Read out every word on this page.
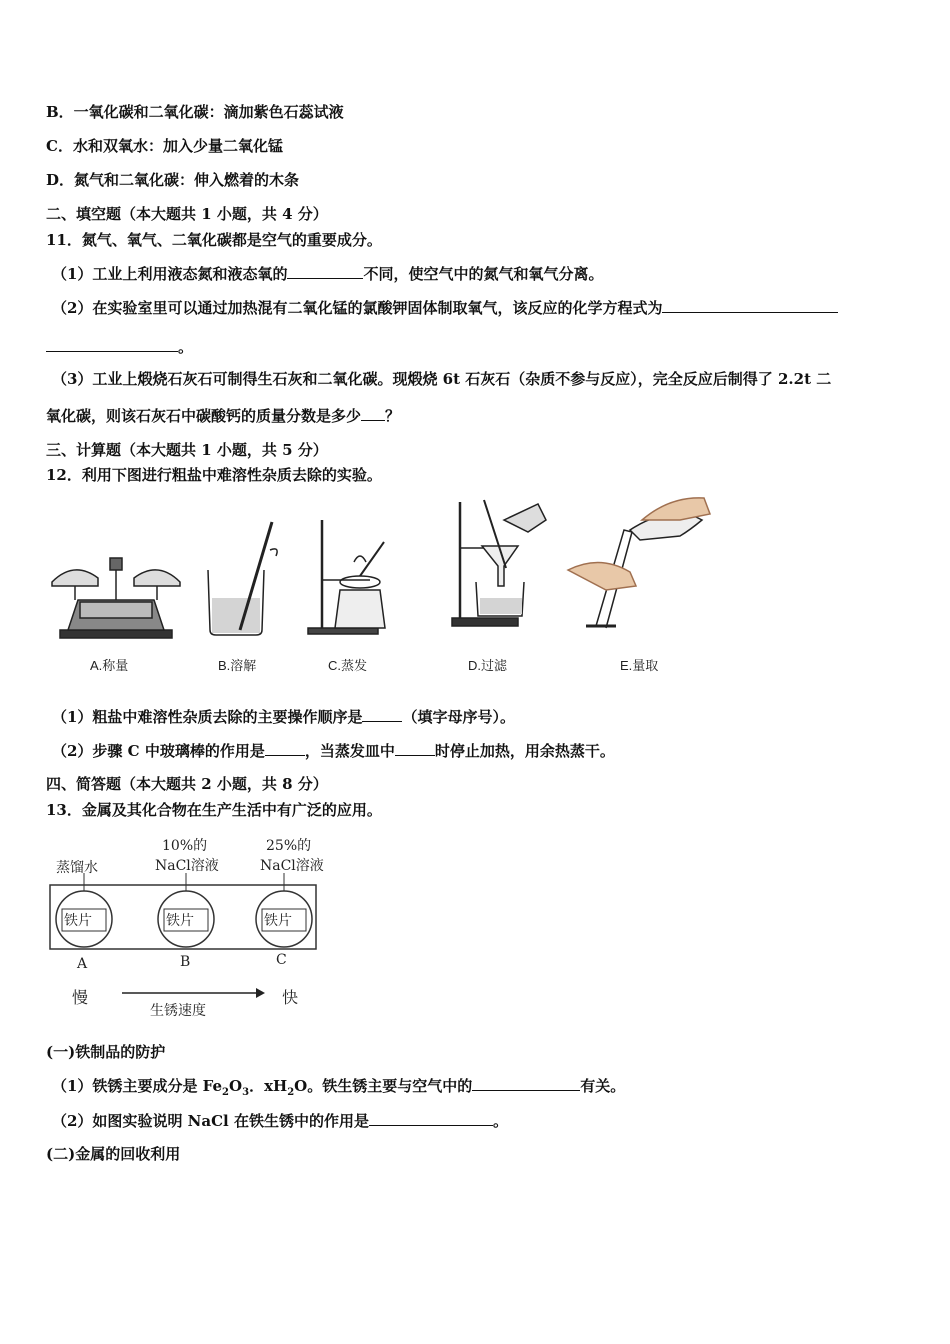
B．一氧化碳和二氧化碳：滴加紫色石蕊试液
C．水和双氧水：加入少量二氧化锰
D．氮气和二氧化碳：伸入燃着的木条
二、填空题（本大题共 1 小题，共 4 分）
11．氮气、氧气、二氧化碳都是空气的重要成分。
（1）工业上利用液态氮和液态氧的	不同，使空气中的氮气和氧气分离。
（2）在实验室里可以通过加热混有二氧化锰的氯酸钾固体制取氧气，该反应的化学方程式为
。
（3）工业上煅烧石灰石可制得生石灰和二氧化碳。现煅烧 6t 石灰石（杂质不参与反应），完全反应后制得了 2.2t 二
氧化碳，则该石灰石中碳酸钙的质量分数是多少 ？
三、计算题（本大题共 1 小题，共 5 分）
12．利用下图进行粗盐中难溶性杂质去除的实验。
A.称量	B.溶解	C.蒸发	D.过滤	E.量取
（1）粗盐中难溶性杂质去除的主要操作顺序是	（填字母序号）。
（2）步骤 C 中玻璃棒的作用是	，当蒸发皿中	时停止加热，用余热蒸干。
四、简答题（本大题共 2 小题，共 8 分）
13．金属及其化合物在生产生活中有广泛的应用。
蒸馏水
10%的
NaCl溶液
25%的
NaCl溶液
铁片	铁片	铁片
A	B	C
慢	快
生锈速度
(一)铁制品的防护
（1）铁锈主要成分是 $Fe_2O_3$．$xH_2O$。铁生锈主要与空气中的	有关。
（2）如图实验说明 NaCl 在铁生锈中的作用是	。
(二)金属的回收利用
